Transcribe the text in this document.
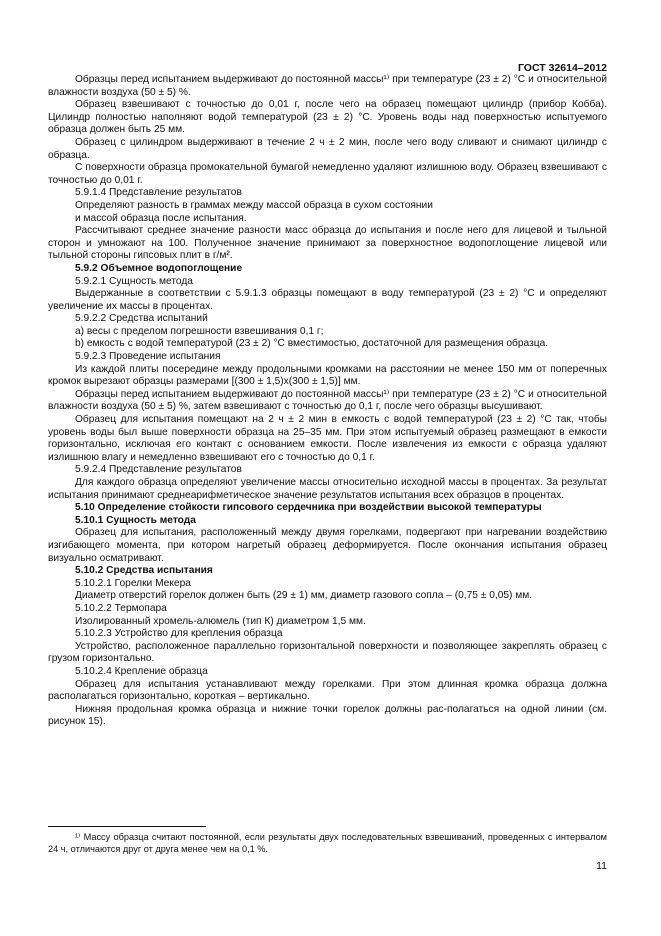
ГОСТ 32614–2012

Образцы перед испытанием выдерживают до постоянной массы¹⁾ при температуре (23 ± 2) °С и относительной влажности воздуха (50 ± 5) %.

Образец взвешивают с точностью до 0,01 г, после чего на образец помещают цилиндр (прибор Кобба). Цилиндр полностью наполняют водой температурой (23 ± 2) °С. Уровень воды над поверхностью испытуемого образца должен быть 25 мм.

Образец с цилиндром выдерживают в течение 2 ч ± 2 мин, после чего воду сливают и снимают цилиндр с образца.

С поверхности образца промокательной бумагой немедленно удаляют излишнюю воду. Образец взвешивают с точностью до 0,01 г.

5.9.1.4 Представление результатов

Определяют разность в граммах между массой образца в сухом состоянии

и массой образца после испытания.

Рассчитывают среднее значение разности масс образца до испытания и после него для лицевой и тыльной сторон и умножают на 100. Полученное значение принимают за поверхностное водопоглощение лицевой или тыльной стороны гипсовых плит в г/м².

5.9.2 Объемное водопоглощение

5.9.2.1 Сущность метода

Выдержанные в соответствии с 5.9.1.3 образцы помещают в воду температурой (23 ± 2) °С и определяют увеличение их массы в процентах.

5.9.2.2 Средства испытаний

а) весы с пределом погрешности взвешивания 0,1 г;

b) емкость с водой температурой (23 ± 2) °С вместимостью, достаточной для размещения образца.

5.9.2.3 Проведение испытания

Из каждой плиты посередине между продольными кромками на расстоянии не менее 150 мм от поперечных кромок вырезают образцы размерами [(300 ± 1,5)х(300 ± 1,5)] мм.

Образцы перед испытанием выдерживают до постоянной массы¹⁾ при температуре (23 ± 2) °С и относительной влажности воздуха (50 ± 5) %, затем взвешивают с точностью до 0,1 г, после чего образцы высушивают.

Образец для испытания помещают на 2 ч ± 2 мин в емкость с водой температурой (23 ± 2) °С так, чтобы уровень воды был выше поверхности образца на 25–35 мм. При этом испытуемый образец размещают в емкости горизонтально, исключая его контакт с основанием емкости. После извлечения из емкости с образца удаляют излишнюю влагу и немедленно взвешивают его с точностью до 0,1 г.

5.9.2.4 Представление результатов

Для каждого образца определяют увеличение массы относительно исходной массы в процентах. За результат испытания принимают среднеарифметическое значение результатов испытания всех образцов в процентах.

5.10 Определение стойкости гипсового сердечника при воздействии высокой температуры

5.10.1 Сущность метода

Образец для испытания, расположенный между двумя горелками, подвергают при нагревании воздействию изгибающего момента, при котором нагретый образец деформируется. После окончания испытания образец визуально осматривают.

5.10.2 Средства испытания

5.10.2.1 Горелки Мекера

Диаметр отверстий горелок должен быть (29 ± 1) мм, диаметр газового сопла – (0,75 ± 0,05) мм.

5.10.2.2 Термопара

Изолированный хромель-алюмель (тип К) диаметром 1,5 мм.

5.10.2.3 Устройство для крепления образца

Устройство, расположенное параллельно горизонтальной поверхности и позволяющее закреплять образец с грузом горизонтально.

5.10.2.4 Крепление образца

Образец для испытания устанавливают между горелками. При этом длинная кромка образца должна располагаться горизонтально, короткая – вертикально.

Нижняя продольная кромка образца и нижние точки горелок должны рас-полагаться на одной линии (см. рисунок 15).

¹⁾ Массу образца считают постоянной, если результаты двух последовательных взвешиваний, проведенных с интервалом 24 ч, отличаются друг от друга менее чем на 0,1 %.
11
